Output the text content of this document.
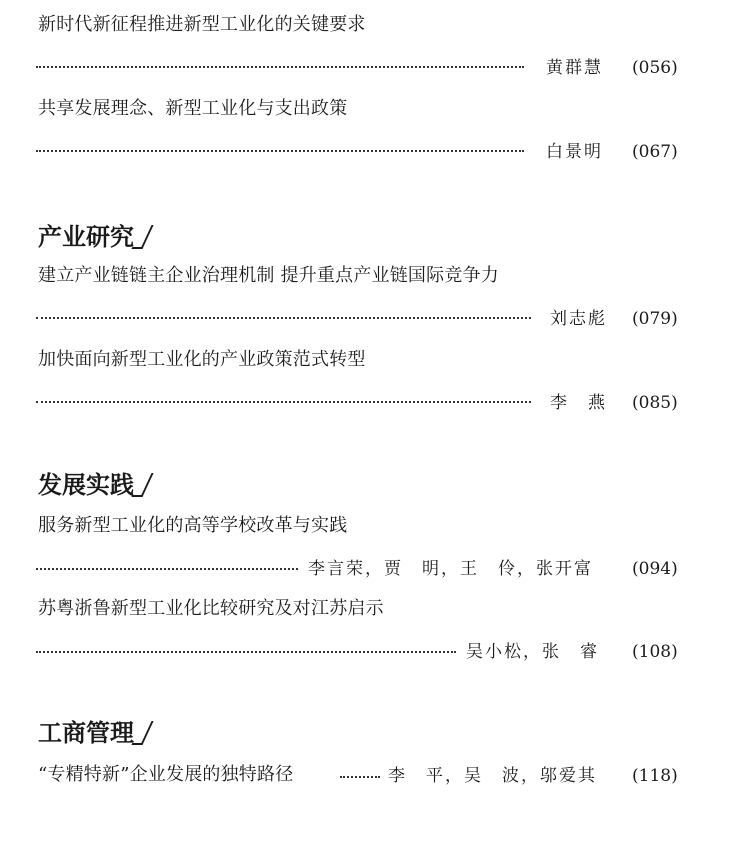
新时代新征程推进新型工业化的关键要求
黄群慧 (056)
共享发展理念、新型工业化与支出政策
白景明 (067)
产业研究
建立产业链链主企业治理机制 提升重点产业链国际竞争力
刘志彪 (079)
加快面向新型工业化的产业政策范式转型
李　燕 (085)
发展实践
服务新型工业化的高等学校改革与实践
李言荣，贾　明，王　伶，张开富 (094)
苏粤浙鲁新型工业化比较研究及对江苏启示
吴小松，张　睿 (108)
工商管理
“专精特新”企业发展的独特路径	李　平，吴　波，邬爱其 (118)
